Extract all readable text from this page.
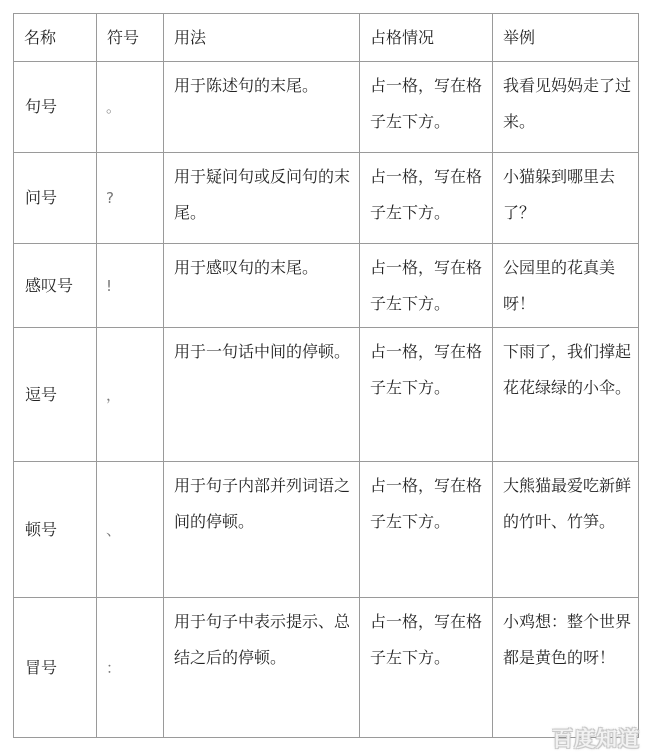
名称	符号	用法	占格情况	举例
句号	。	用于陈述句的末尾。	占一格，写在格子左下方。	我看见妈妈走了过来。
问号	?	用于疑问句或反问句的末尾。	占一格，写在格子左下方。	小猫躲到哪里去了？
感叹号	!	用于感叹句的末尾。	占一格，写在格子左下方。	公园里的花真美呀！
逗号	，	用于一句话中间的停顿。	占一格，写在格子左下方。	下雨了，我们撑起花花绿绿的小伞。
顿号	、	用于句子内部并列词语之间的停顿。	占一格，写在格子左下方。	大熊猫最爱吃新鲜的竹叶、竹笋。
冒号	：	用于句子中表示提示、总结之后的停顿。	占一格，写在格子左下方。	小鸡想：整个世界都是黄色的呀！
百度知道
